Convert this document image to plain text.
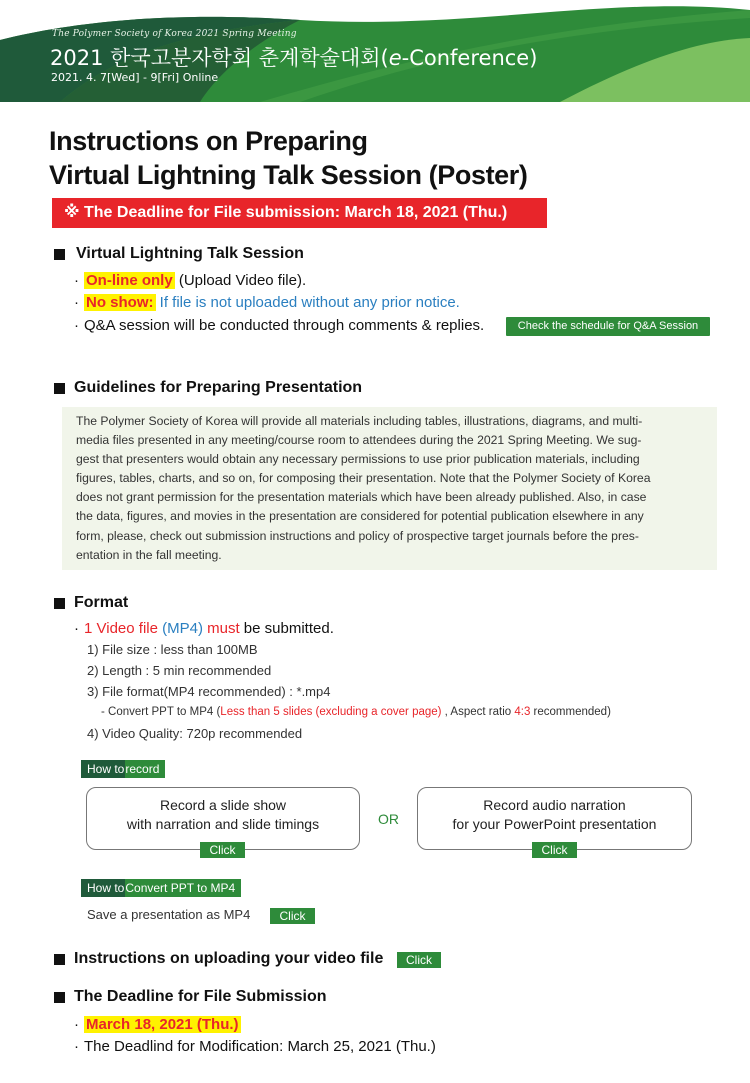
The Polymer Society of Korea 2021 Spring Meeting
2021 한국고분자학회 춘계학술대회(e-Conference)
2021. 4. 7[Wed] - 9[Fri] Online
Instructions on Preparing
Virtual Lightning Talk Session (Poster)
※ The Deadline for File submission: March 18, 2021 (Thu.)
Virtual Lightning Talk Session
· On-line only (Upload Video file).
· No show: If file is not uploaded without any prior notice.
· Q&A session will be conducted through comments & replies.	Check the schedule for Q&A Session
Guidelines for Preparing Presentation

The Polymer Society of Korea will provide all materials including tables, illustrations, diagrams, and multi-
media files presented in any meeting/course room to attendees during the 2021 Spring Meeting. We sug-
gest that presenters would obtain any necessary permissions to use prior publication materials, including
figures, tables, charts, and so on, for composing their presentation. Note that the Polymer Society of Korea
does not grant permission for the presentation materials which have been already published. Also, in case
the data, figures, and movies in the presentation are considered for potential publication elsewhere in any
form, please, check out submission instructions and policy of prospective target journals before the pres-
entation in the fall meeting.

Format
· 1 Video file (MP4) must be submitted.
1) File size : less than 100MB
2) Length : 5 min recommended
3) File format(MP4 recommended) : *.mp4
- Convert PPT to MP4 (Less than 5 slides (excluding a cover page) , Aspect ratio 4:3 recommended)
4) Video Quality: 720p recommended
How to record
Record a slide show
with narration and slide timings
Click
OR
Record audio narration
for your PowerPoint presentation
Click
How to Convert PPT to MP4
Save a presentation as MP4	Click
Instructions on uploading your video file	Click
The Deadline for File Submission
· March 18, 2021 (Thu.)
· The Deadlind for Modification: March 25, 2021 (Thu.)
